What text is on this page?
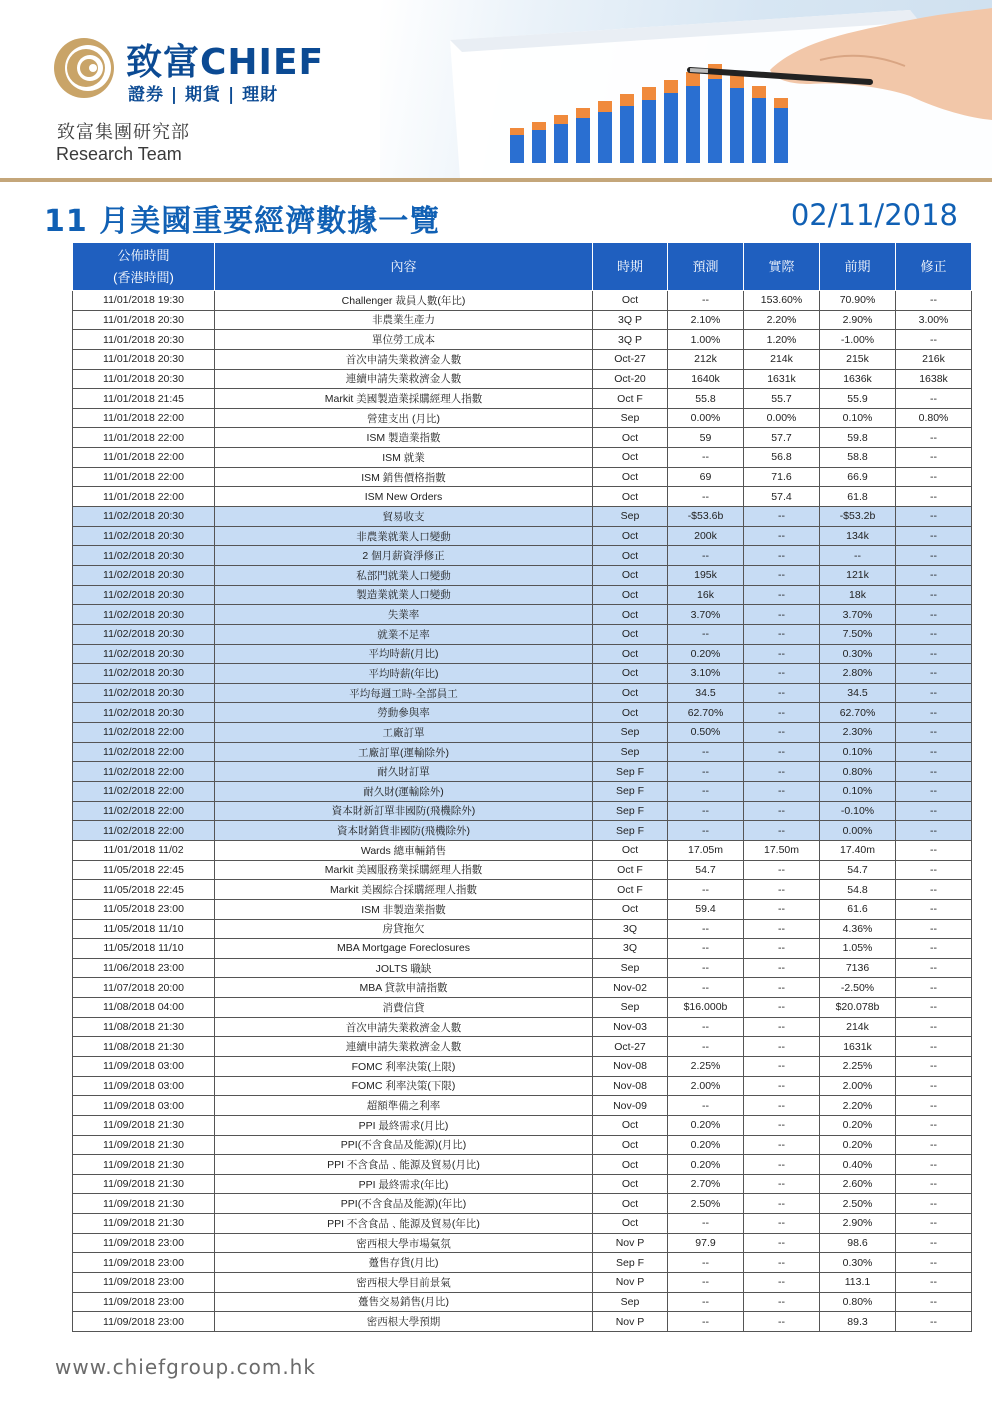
致富CHIEF
證券 | 期貨 | 理財
致富集團研究部
Research Team
11 月美國重要經濟數據一覽	02/11/2018
公佈時間
(香港時間)	內容	時期	預測	實際	前期	修正
11/01/2018 19:30	Challenger 裁員人數(年比)	Oct	--	153.60%	70.90%	--
11/01/2018 20:30	非農業生產力	3Q P	2.10%	2.20%	2.90%	3.00%
11/01/2018 20:30	單位勞工成本	3Q P	1.00%	1.20%	-1.00%	--
11/01/2018 20:30	首次申請失業救濟金人數	Oct-27	212k	214k	215k	216k
11/01/2018 20:30	連續申請失業救濟金人數	Oct-20	1640k	1631k	1636k	1638k
11/01/2018 21:45	Markit 美國製造業採購經理人指數	Oct F	55.8	55.7	55.9	--
11/01/2018 22:00	營建支出 (月比)	Sep	0.00%	0.00%	0.10%	0.80%
11/01/2018 22:00	ISM 製造業指數	Oct	59	57.7	59.8	--
11/01/2018 22:00	ISM 就業	Oct	--	56.8	58.8	--
11/01/2018 22:00	ISM 銷售價格指數	Oct	69	71.6	66.9	--
11/01/2018 22:00	ISM New Orders	Oct	--	57.4	61.8	--
11/02/2018 20:30	貿易收支	Sep	-$53.6b	--	-$53.2b	--
11/02/2018 20:30	非農業就業人口變動	Oct	200k	--	134k	--
11/02/2018 20:30	2 個月薪資淨修正	Oct	--	--	--	--
11/02/2018 20:30	私部門就業人口變動	Oct	195k	--	121k	--
11/02/2018 20:30	製造業就業人口變動	Oct	16k	--	18k	--
11/02/2018 20:30	失業率	Oct	3.70%	--	3.70%	--
11/02/2018 20:30	就業不足率	Oct	--	--	7.50%	--
11/02/2018 20:30	平均時薪(月比)	Oct	0.20%	--	0.30%	--
11/02/2018 20:30	平均時薪(年比)	Oct	3.10%	--	2.80%	--
11/02/2018 20:30	平均每週工時-全部員工	Oct	34.5	--	34.5	--
11/02/2018 20:30	勞動參與率	Oct	62.70%	--	62.70%	--
11/02/2018 22:00	工廠訂單	Sep	0.50%	--	2.30%	--
11/02/2018 22:00	工廠訂單(運輸除外)	Sep	--	--	0.10%	--
11/02/2018 22:00	耐久財訂單	Sep F	--	--	0.80%	--
11/02/2018 22:00	耐久財(運輸除外)	Sep F	--	--	0.10%	--
11/02/2018 22:00	資本財新訂單非國防(飛機除外)	Sep F	--	--	-0.10%	--
11/02/2018 22:00	資本財銷貨非國防(飛機除外)	Sep F	--	--	0.00%	--
11/01/2018 11/02	Wards 總車輛銷售	Oct	17.05m	17.50m	17.40m	--
11/05/2018 22:45	Markit 美國服務業採購經理人指數	Oct F	54.7	--	54.7	--
11/05/2018 22:45	Markit 美國綜合採購經理人指數	Oct F	--	--	54.8	--
11/05/2018 23:00	ISM 非製造業指數	Oct	59.4	--	61.6	--
11/05/2018 11/10	房貸拖欠	3Q	--	--	4.36%	--
11/05/2018 11/10	MBA Mortgage Foreclosures	3Q	--	--	1.05%	--
11/06/2018 23:00	JOLTS 職缺	Sep	--	--	7136	--
11/07/2018 20:00	MBA 貸款申請指數	Nov-02	--	--	-2.50%	--
11/08/2018 04:00	消費信貸	Sep	$16.000b	--	$20.078b	--
11/08/2018 21:30	首次申請失業救濟金人數	Nov-03	--	--	214k	--
11/08/2018 21:30	連續申請失業救濟金人數	Oct-27	--	--	1631k	--
11/09/2018 03:00	FOMC 利率決策(上限)	Nov-08	2.25%	--	2.25%	--
11/09/2018 03:00	FOMC 利率決策(下限)	Nov-08	2.00%	--	2.00%	--
11/09/2018 03:00	超額準備之利率	Nov-09	--	--	2.20%	--
11/09/2018 21:30	PPI 最終需求(月比)	Oct	0.20%	--	0.20%	--
11/09/2018 21:30	PPI(不含食品及能源)(月比)	Oct	0.20%	--	0.20%	--
11/09/2018 21:30	PPI 不含食品﹑能源及貿易(月比)	Oct	0.20%	--	0.40%	--
11/09/2018 21:30	PPI 最終需求(年比)	Oct	2.70%	--	2.60%	--
11/09/2018 21:30	PPI(不含食品及能源)(年比)	Oct	2.50%	--	2.50%	--
11/09/2018 21:30	PPI 不含食品﹑能源及貿易(年比)	Oct	--	--	2.90%	--
11/09/2018 23:00	密西根大學市場氣氛	Nov P	97.9	--	98.6	--
11/09/2018 23:00	躉售存貨(月比)	Sep F	--	--	0.30%	--
11/09/2018 23:00	密西根大學目前景氣	Nov P	--	--	113.1	--
11/09/2018 23:00	躉售交易銷售(月比)	Sep	--	--	0.80%	--
11/09/2018 23:00	密西根大學預期	Nov P	--	--	89.3	--
www.chiefgroup.com.hk
